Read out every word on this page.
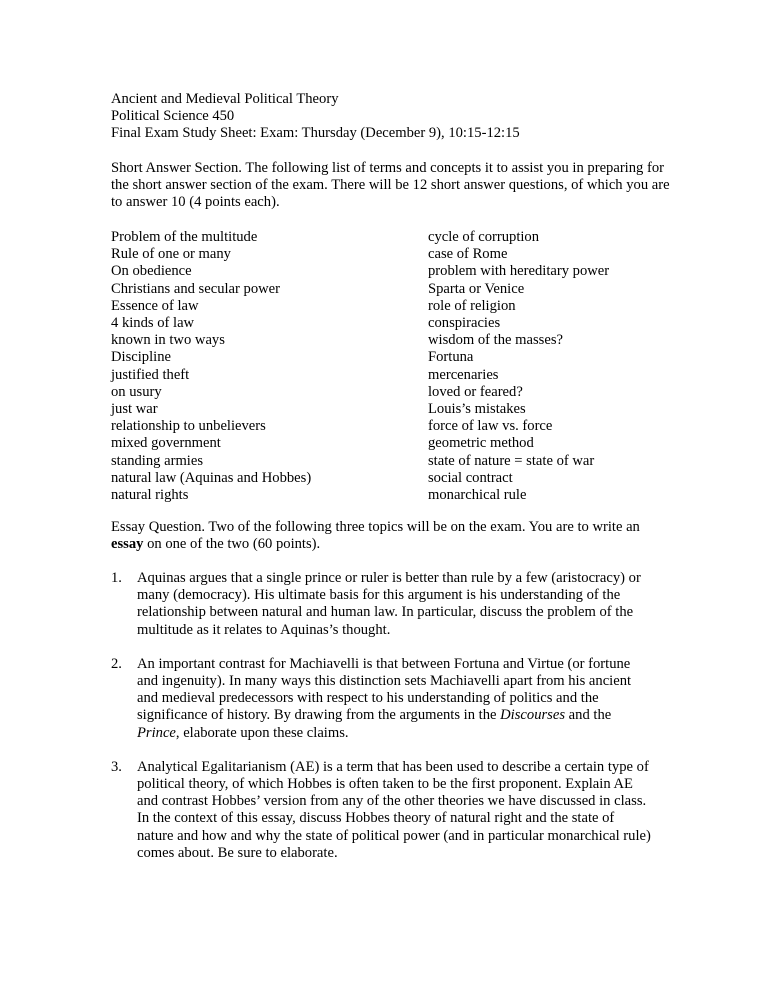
Ancient and Medieval Political Theory
Political Science 450
Final Exam Study Sheet: Exam: Thursday (December 9), 10:15-12:15
Short Answer Section. The following list of terms and concepts it to assist you in preparing for the short answer section of the exam. There will be 12 short answer questions, of which you are to answer 10 (4 points each).
Problem of the multitude
Rule of one or many
On obedience
Christians and secular power
Essence of law
4 kinds of law
known in two ways
Discipline
justified theft
on usury
just war
relationship to unbelievers
mixed government
standing armies
natural law (Aquinas and Hobbes)
natural rights
cycle of corruption
case of Rome
problem with hereditary power
Sparta or Venice
role of religion
conspiracies
wisdom of the masses?
Fortuna
mercenaries
loved or feared?
Louis’s mistakes
force of law vs. force
geometric method
state of nature = state of war
social contract
monarchical rule
Essay Question. Two of the following three topics will be on the exam. You are to write an essay on one of the two (60 points).
1. Aquinas argues that a single prince or ruler is better than rule by a few (aristocracy) or many (democracy). His ultimate basis for this argument is his understanding of the relationship between natural and human law. In particular, discuss the problem of the multitude as it relates to Aquinas’s thought.
2. An important contrast for Machiavelli is that between Fortuna and Virtue (or fortune and ingenuity). In many ways this distinction sets Machiavelli apart from his ancient and medieval predecessors with respect to his understanding of politics and the significance of history. By drawing from the arguments in the Discourses and the Prince, elaborate upon these claims.
3. Analytical Egalitarianism (AE) is a term that has been used to describe a certain type of political theory, of which Hobbes is often taken to be the first proponent. Explain AE and contrast Hobbes’ version from any of the other theories we have discussed in class. In the context of this essay, discuss Hobbes theory of natural right and the state of nature and how and why the state of political power (and in particular monarchical rule) comes about. Be sure to elaborate.
